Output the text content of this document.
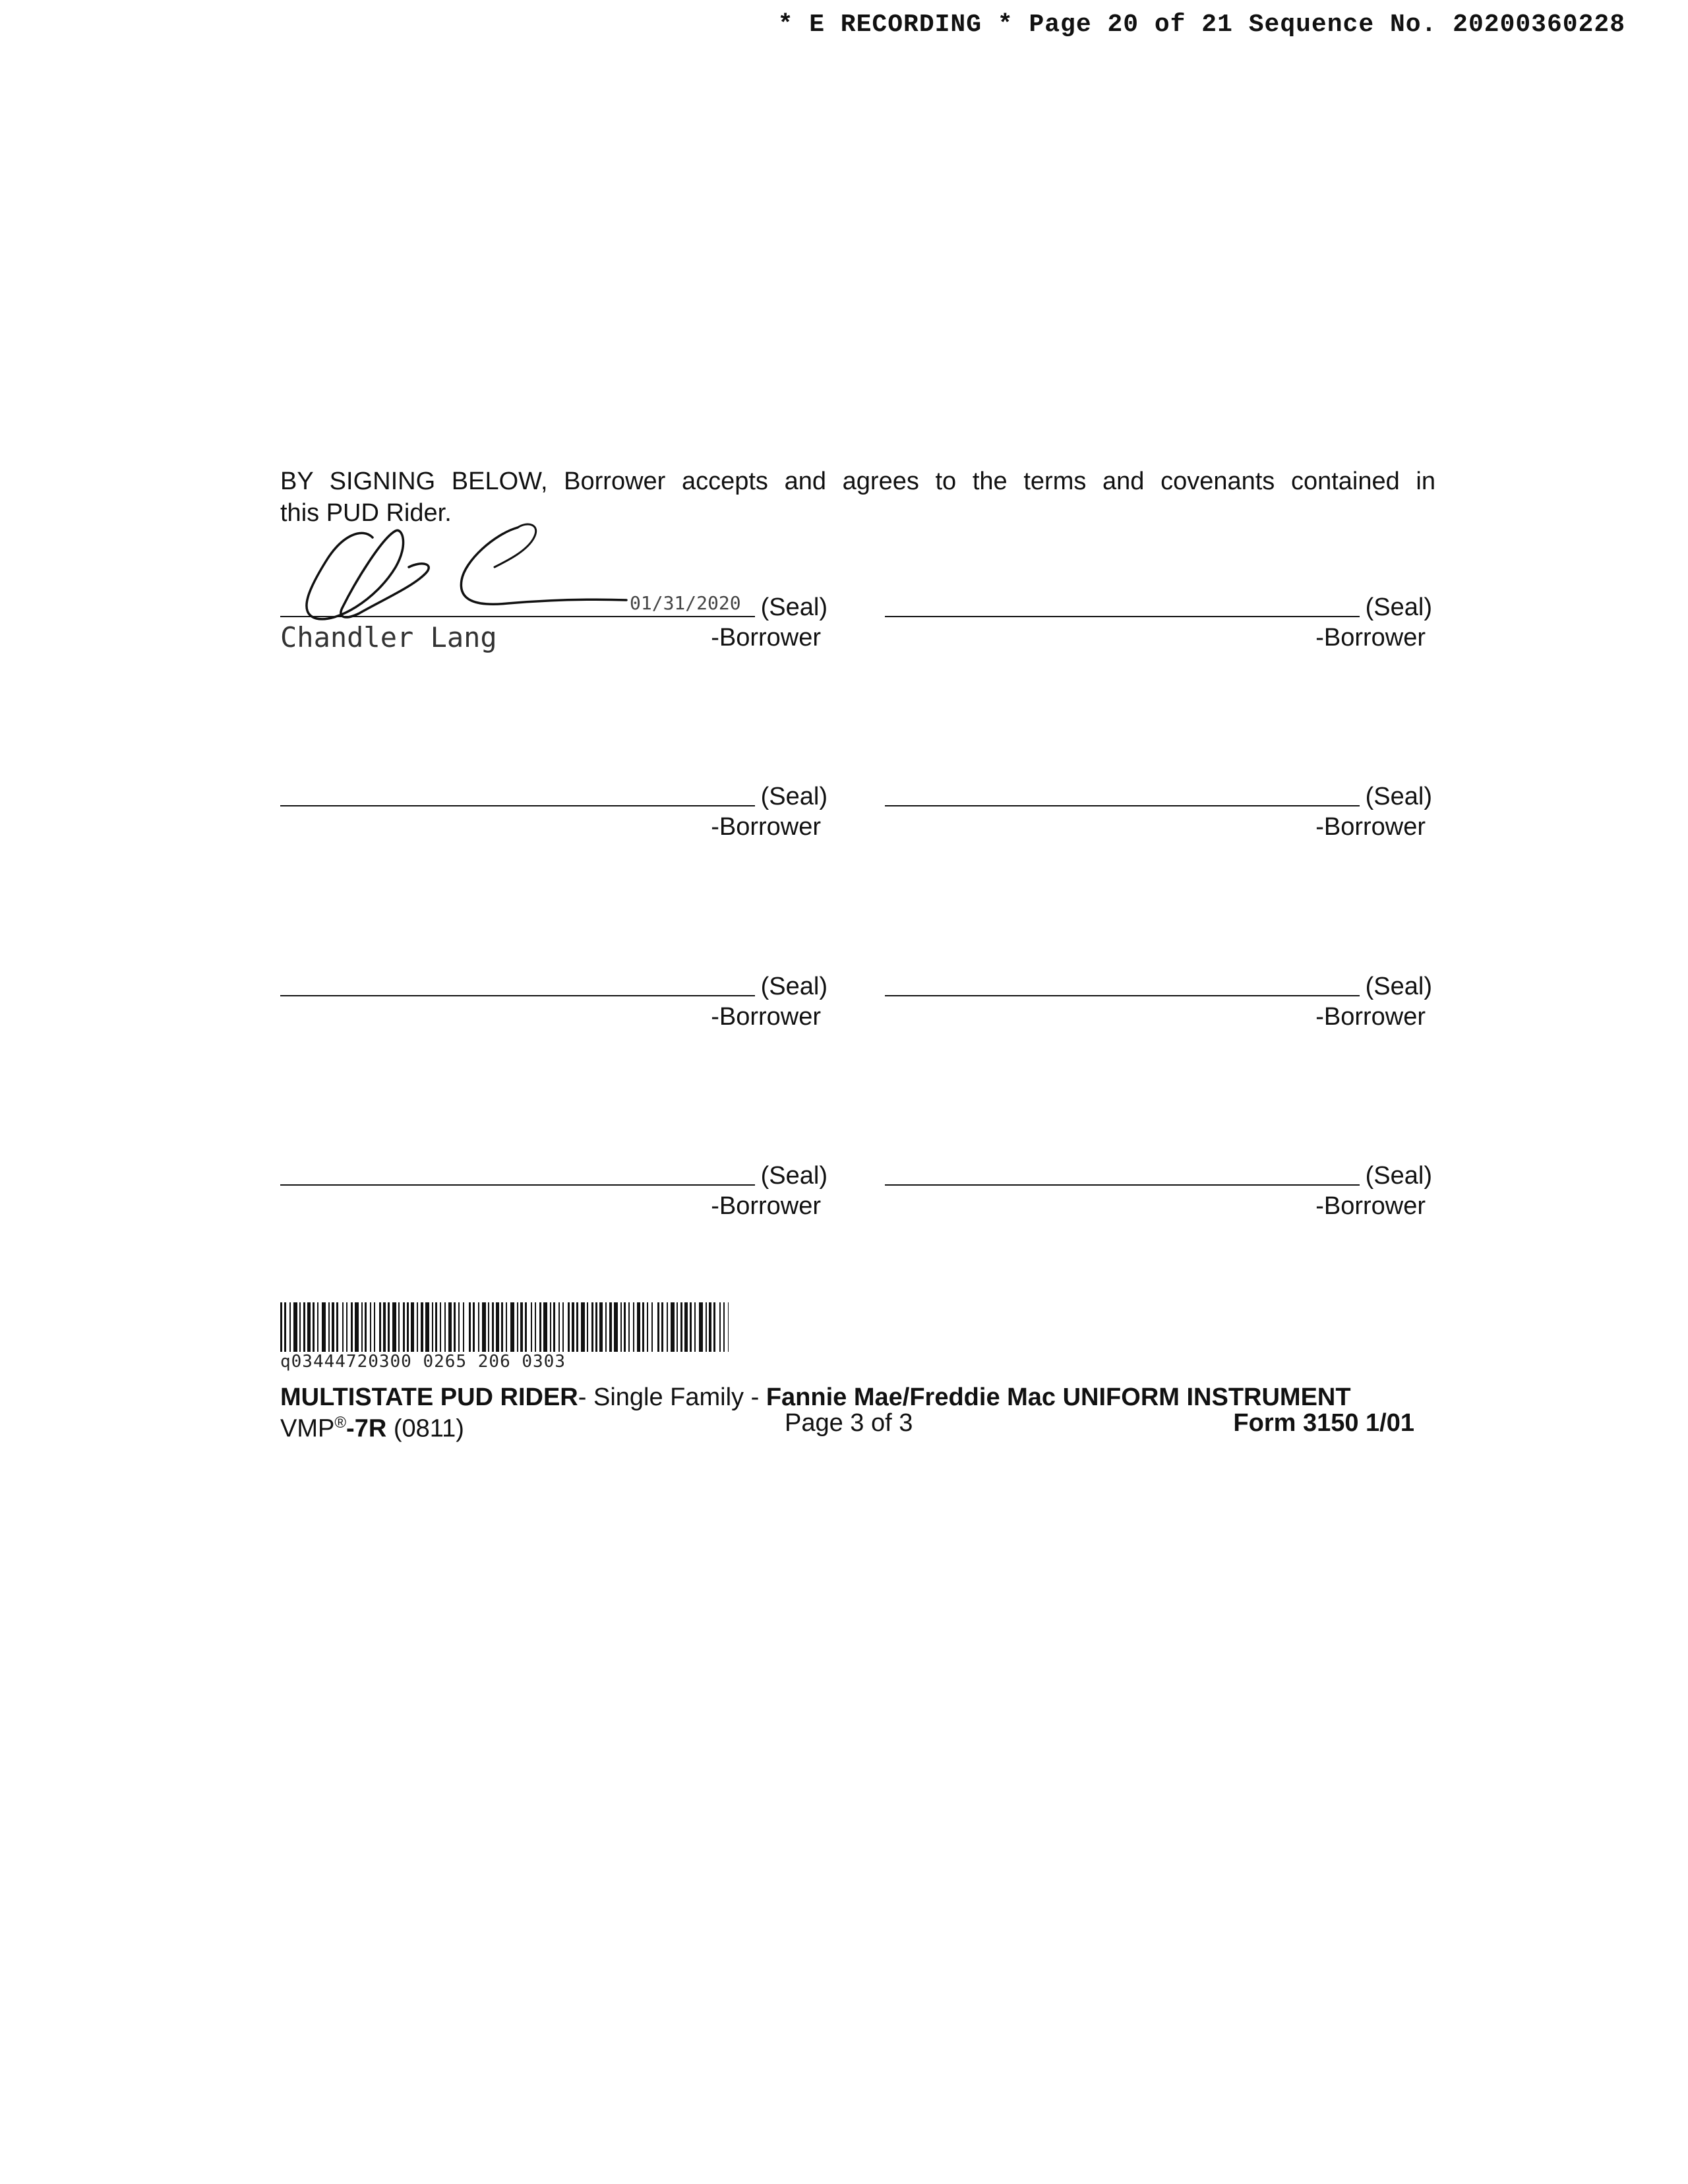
* E RECORDING * Page 20 of 21 Sequence No. 20200360228
BY SIGNING BELOW, Borrower accepts and agrees to the terms and covenants contained in
this PUD Rider.
01/31/2020 (Seal)
Chandler Lang	-Borrower
(Seal)
-Borrower
(Seal)
-Borrower
(Seal)
-Borrower
(Seal)
-Borrower
(Seal)
-Borrower
(Seal)
-Borrower
(Seal)
-Borrower
q03444720300 0265 206 0303
MULTISTATE PUD RIDER- Single Family - Fannie Mae/Freddie Mac UNIFORM INSTRUMENT
VMP®-7R (0811)	Page 3 of 3	Form 3150 1/01
